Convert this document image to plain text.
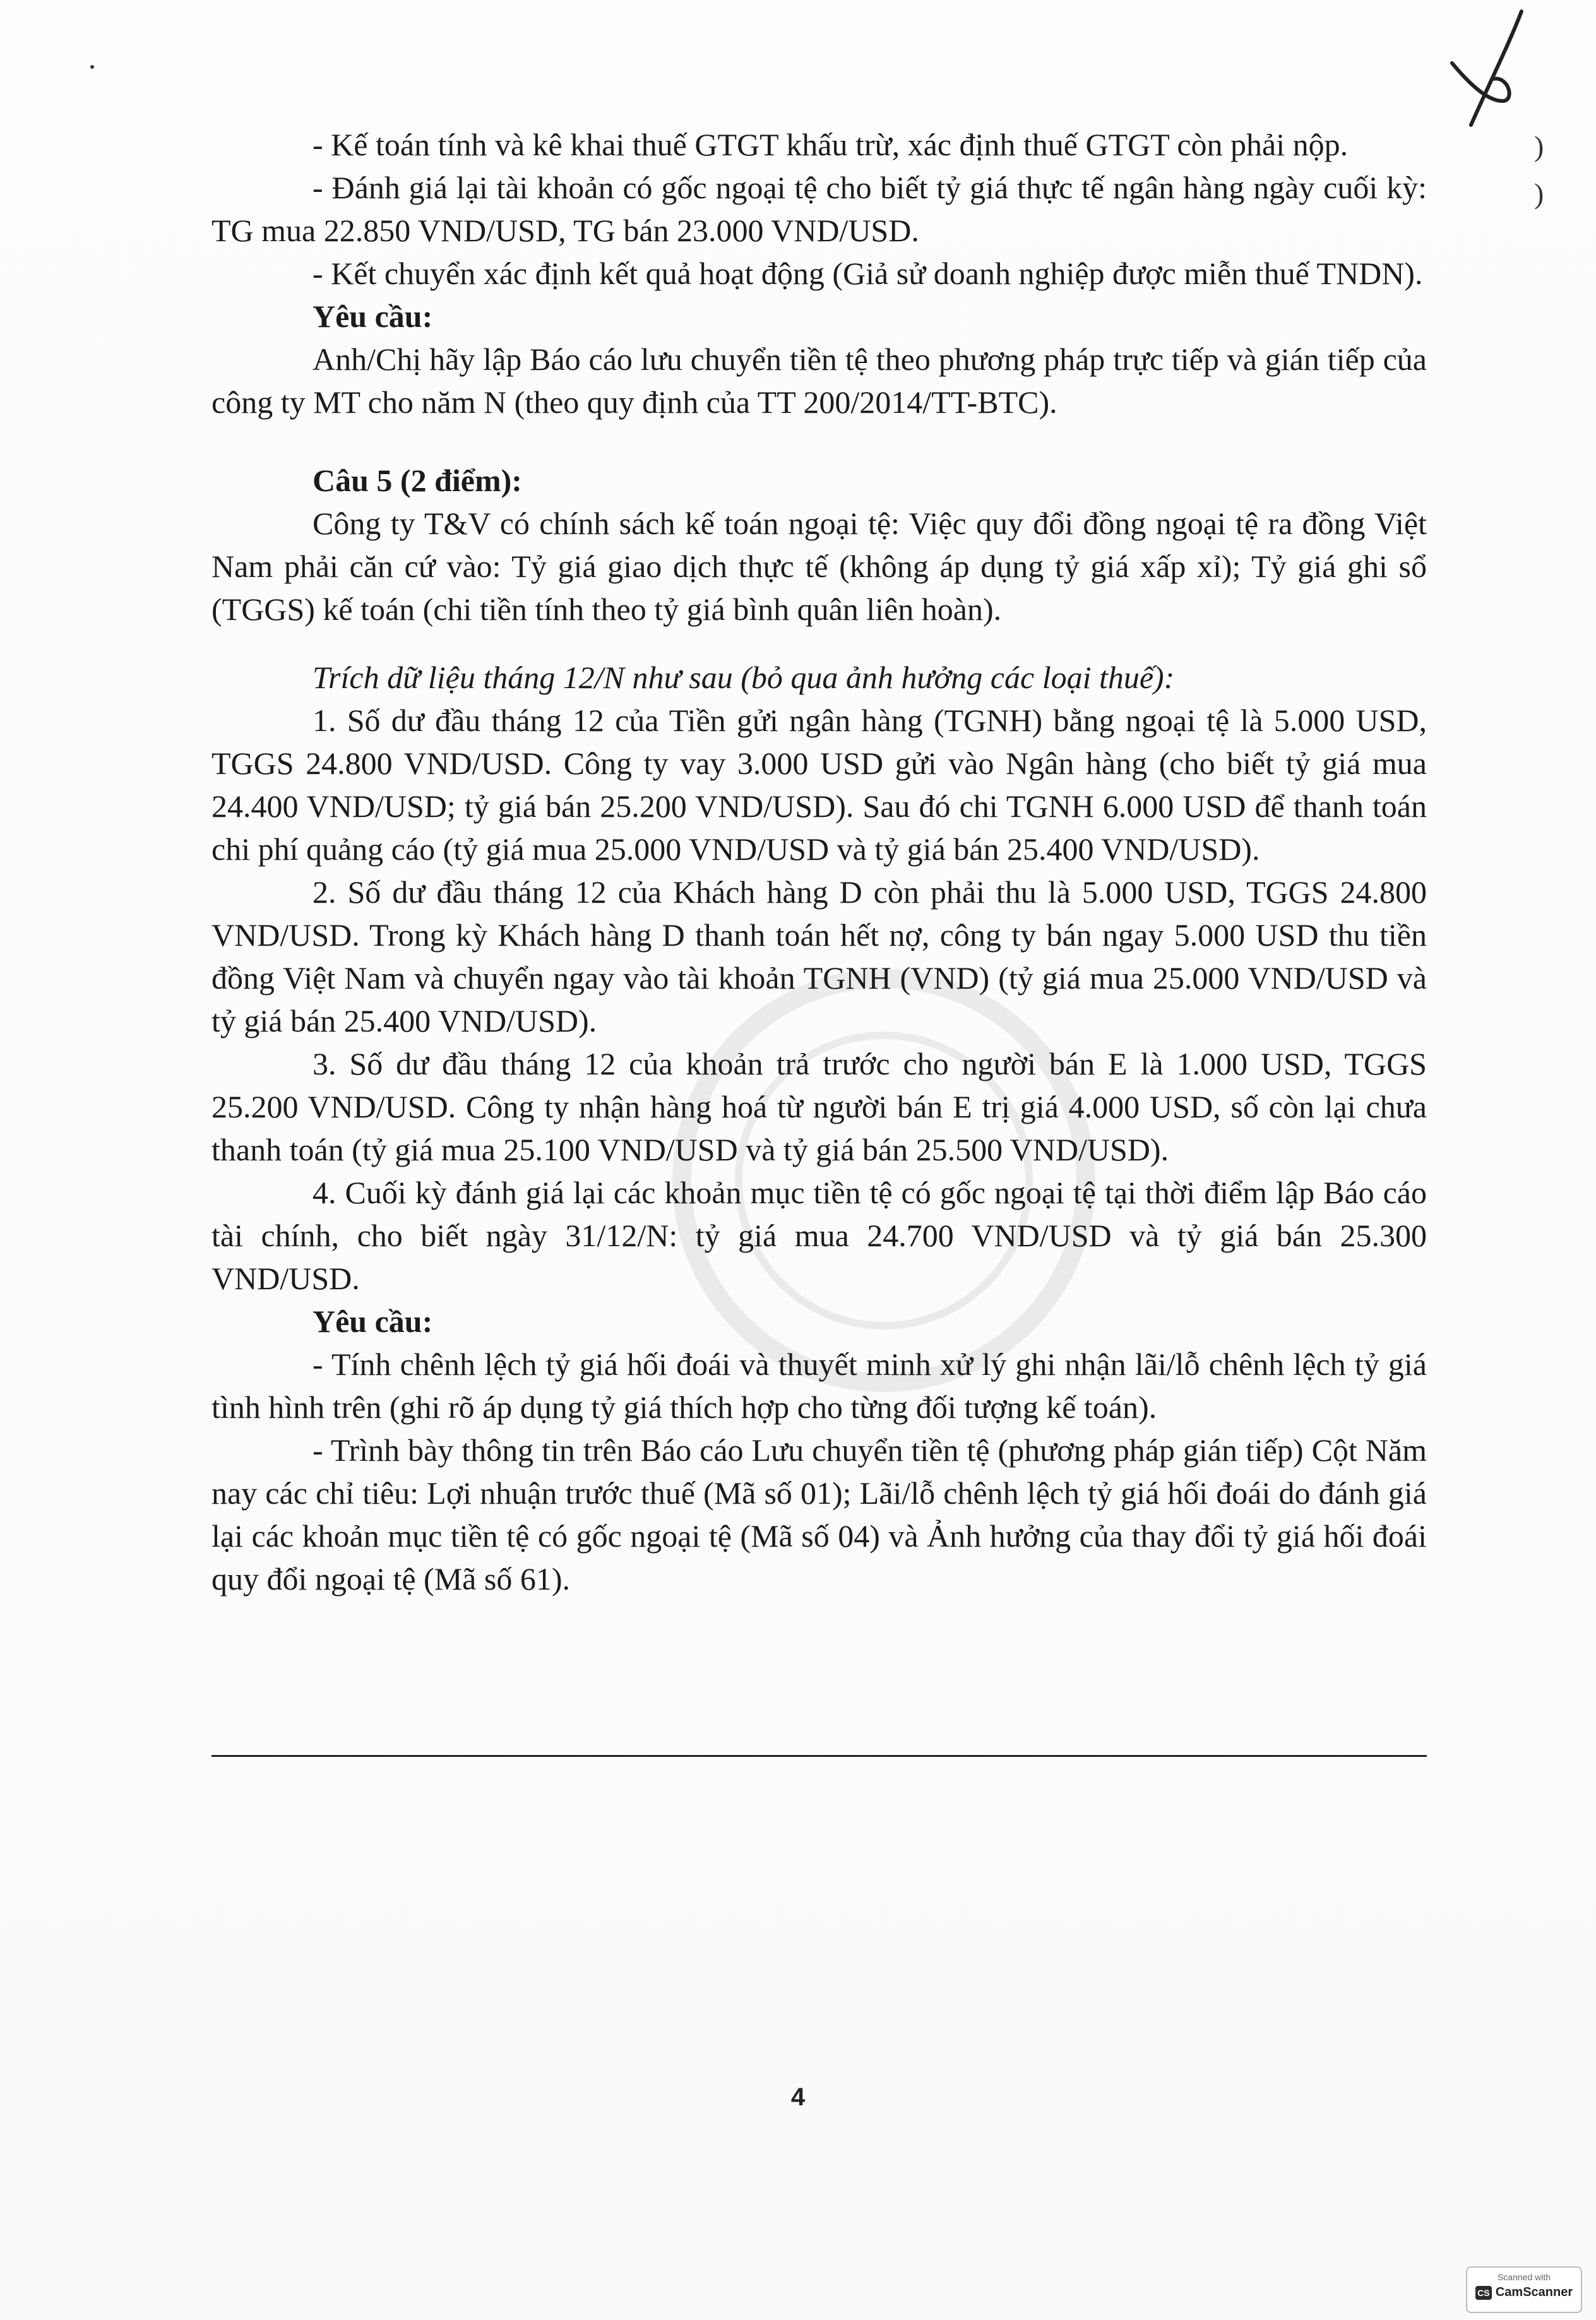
)
)

- Kế toán tính và kê khai thuế GTGT khấu trừ, xác định thuế GTGT còn phải nộp.

- Đánh giá lại tài khoản có gốc ngoại tệ cho biết tỷ giá thực tế ngân hàng ngày cuối kỳ: TG mua 22.850 VND/USD, TG bán 23.000 VND/USD.

- Kết chuyển xác định kết quả hoạt động (Giả sử doanh nghiệp được miễn thuế TNDN).

Yêu cầu:

Anh/Chị hãy lập Báo cáo lưu chuyển tiền tệ theo phương pháp trực tiếp và gián tiếp của công ty MT cho năm N (theo quy định của TT 200/2014/TT-BTC).

Câu 5 (2 điểm):

Công ty T&V có chính sách kế toán ngoại tệ: Việc quy đổi đồng ngoại tệ ra đồng Việt Nam phải căn cứ vào: Tỷ giá giao dịch thực tế (không áp dụng tỷ giá xấp xỉ); Tỷ giá ghi sổ (TGGS) kế toán (chi tiền tính theo tỷ giá bình quân liên hoàn).

Trích dữ liệu tháng 12/N như sau (bỏ qua ảnh hưởng các loại thuế):

1. Số dư đầu tháng 12 của Tiền gửi ngân hàng (TGNH) bằng ngoại tệ là 5.000 USD, TGGS 24.800 VND/USD. Công ty vay 3.000 USD gửi vào Ngân hàng (cho biết tỷ giá mua 24.400 VND/USD; tỷ giá bán 25.200 VND/USD). Sau đó chi TGNH 6.000 USD để thanh toán chi phí quảng cáo (tỷ giá mua 25.000 VND/USD và tỷ giá bán 25.400 VND/USD).

2. Số dư đầu tháng 12 của Khách hàng D còn phải thu là 5.000 USD, TGGS 24.800 VND/USD. Trong kỳ Khách hàng D thanh toán hết nợ, công ty bán ngay 5.000 USD thu tiền đồng Việt Nam và chuyển ngay vào tài khoản TGNH (VND) (tỷ giá mua 25.000 VND/USD và tỷ giá bán 25.400 VND/USD).

3. Số dư đầu tháng 12 của khoản trả trước cho người bán E là 1.000 USD, TGGS 25.200 VND/USD. Công ty nhận hàng hoá từ người bán E trị giá 4.000 USD, số còn lại chưa thanh toán (tỷ giá mua 25.100 VND/USD và tỷ giá bán 25.500 VND/USD).

4. Cuối kỳ đánh giá lại các khoản mục tiền tệ có gốc ngoại tệ tại thời điểm lập Báo cáo tài chính, cho biết ngày 31/12/N: tỷ giá mua 24.700 VND/USD và tỷ giá bán 25.300 VND/USD.

Yêu cầu:

- Tính chênh lệch tỷ giá hối đoái và thuyết minh xử lý ghi nhận lãi/lỗ chênh lệch tỷ giá tình hình trên (ghi rõ áp dụng tỷ giá thích hợp cho từng đối tượng kế toán).

- Trình bày thông tin trên Báo cáo Lưu chuyển tiền tệ (phương pháp gián tiếp) Cột Năm nay các chỉ tiêu: Lợi nhuận trước thuế (Mã số 01); Lãi/lỗ chênh lệch tỷ giá hối đoái do đánh giá lại các khoản mục tiền tệ có gốc ngoại tệ (Mã số 04) và Ảnh hưởng của thay đổi tỷ giá hối đoái quy đổi ngoại tệ (Mã số 61).

4
Scanned with
CS CamScanner
